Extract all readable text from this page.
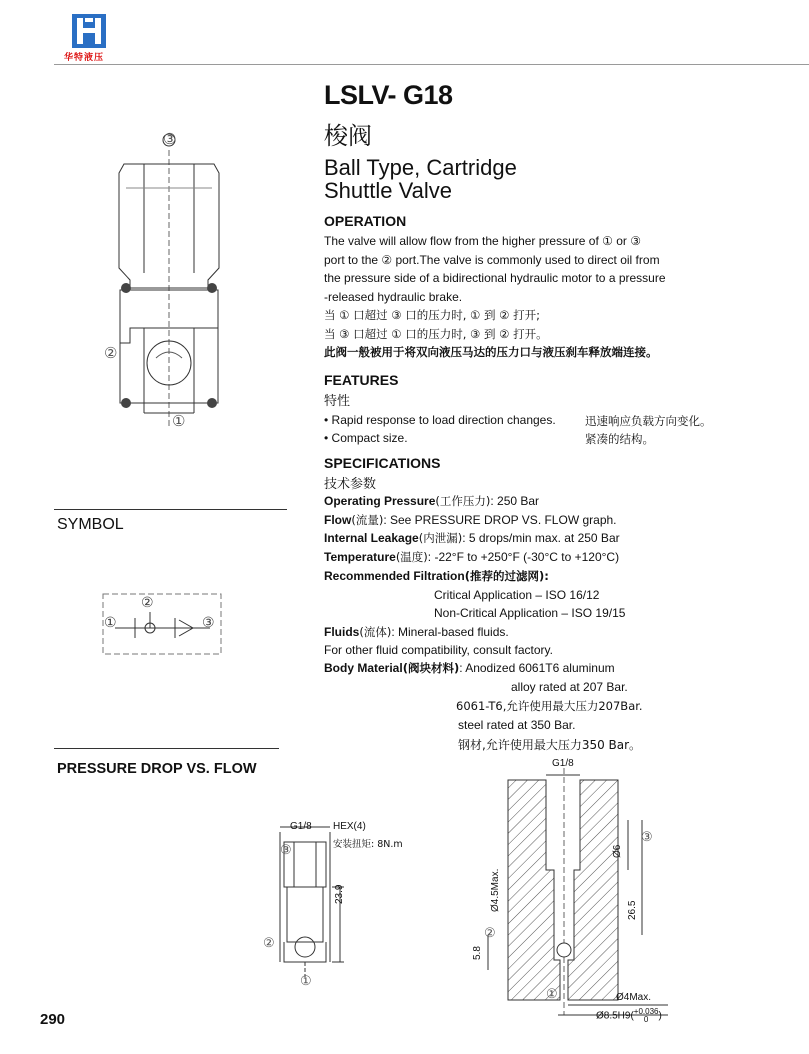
华特液压
LSLV- G18
梭阀
Ball Type, Cartridge
Shuttle Valve
OPERATION
The valve will allow flow from the higher pressure of ① or ③
port to the ② port.The valve is commonly used to direct oil from
the pressure side of a bidirectional hydraulic motor to a pressure
-released hydraulic brake.
当 ① 口超过 ③ 口的压力时, ① 到 ② 打开;
当 ③ 口超过 ① 口的压力时, ③ 到 ② 打开。
此阀一般被用于将双向液压马达的压力口与液压刹车释放端连接。
FEATURES
特性
• Rapid response to load direction changes.	迅速响应负载方向变化。
• Compact size.	紧凑的结构。
SPECIFICATIONS
技术参数
Operating Pressure(工作压力): 250 Bar
Flow(流量): See PRESSURE DROP VS. FLOW graph.
Internal Leakage(内泄漏): 5 drops/min max. at 250 Bar
Temperature(温度): -22°F to +250°F (-30°C to +120°C)
Recommended Filtration(推荐的过滤网):
Critical Application – ISO 16/12
Non-Critical Application – ISO 19/15
Fluids(流体): Mineral-based fluids.
For other fluid compatibility, consult factory.
Body Material(阀块材料): Anodized 6061T6 aluminum
alloy rated at 207 Bar.
6061-T6,允许使用最大压力207Bar.
steel rated at 350 Bar.
钢材,允许使用最大压力350 Bar。
③
②
①
SYMBOL
①
②
③
PRESSURE DROP VS. FLOW
G1/8 HEX(4)
安装扭矩: 8N.m
③
②
①
23.9
G1/8
③
②
①
Ø6
26.5
Ø4.5Max.
5.8
Ø4Max.
Ø8.5H9( +0.036
0	)
290
